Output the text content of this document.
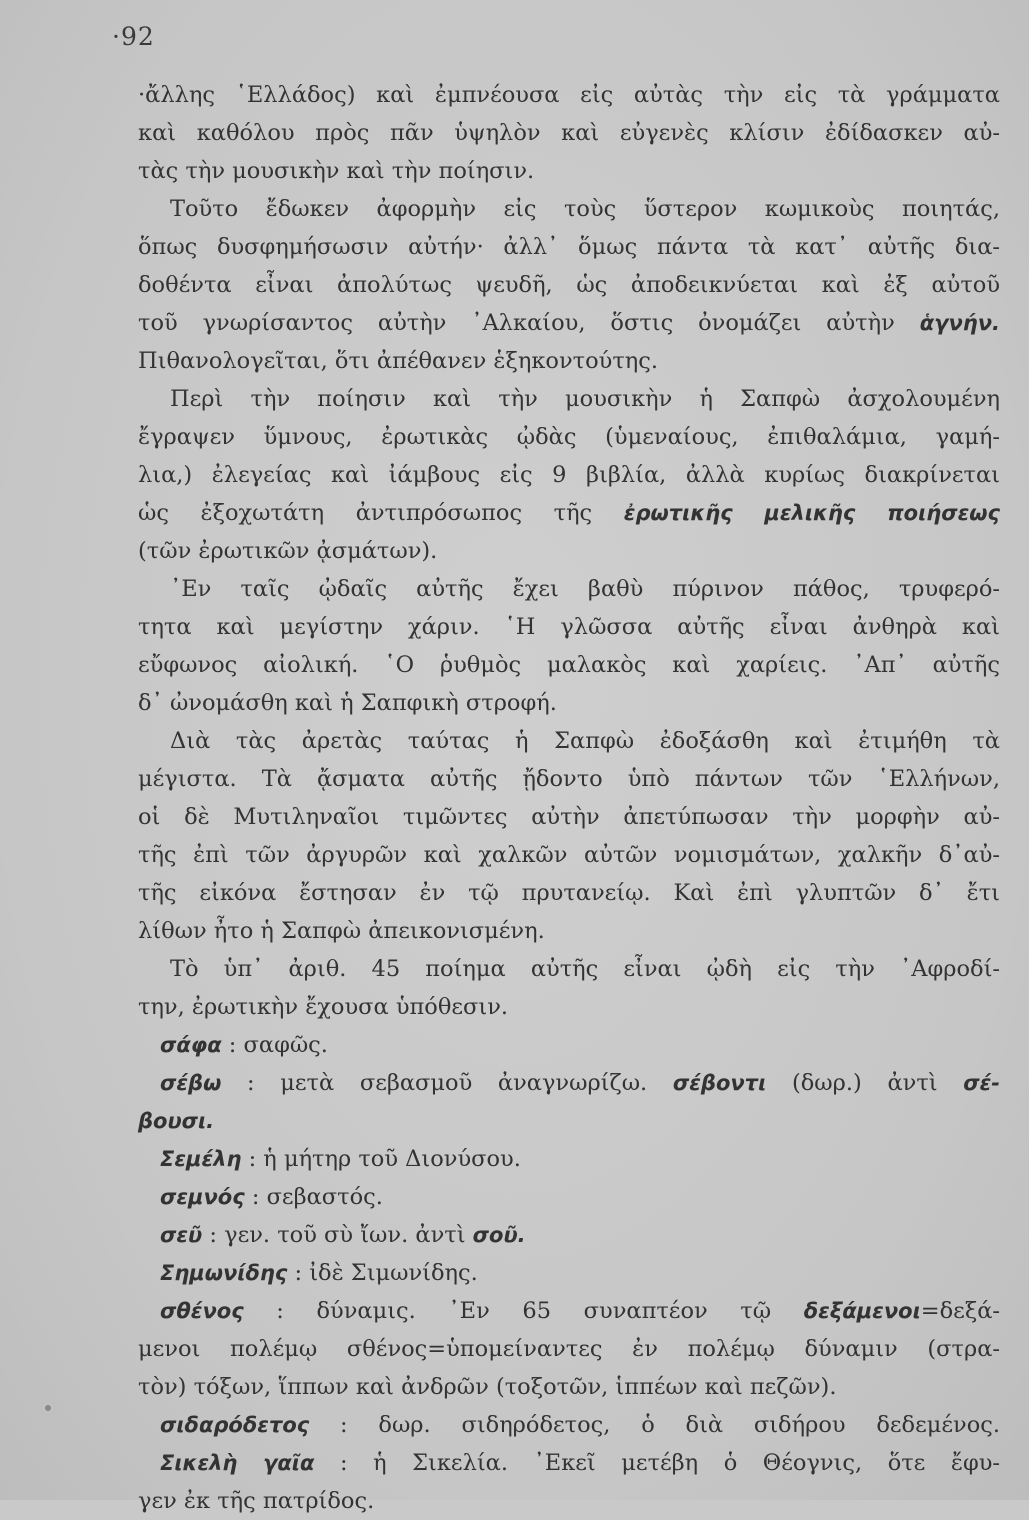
·92
·ἄλλης ῾Ελλάδος) καὶ ἐμπνέουσα εἰς αὐτὰς τὴν εἰς τὰ γράμματα
καὶ καθόλου πρὸς πᾶν ὑψηλὸν καὶ εὐγενὲς κλίσιν ἐδίδασκεν αὐ-
τὰς τὴν μουσικὴν καὶ τὴν ποίησιν.
Τοῦτο ἔδωκεν ἀφορμὴν εἰς τοὺς ὕστερον κωμικοὺς ποιητάς,
ὅπως δυσφημήσωσιν αὐτήν· ἀλλ᾽ ὅμως πάντα τὰ κατ᾽ αὐτῆς δια-
δοθέντα εἶναι ἀπολύτως ψευδῆ, ὡς ἀποδεικνύεται καὶ ἐξ αὐτοῦ
τοῦ γνωρίσαντος αὐτὴν ᾽Αλκαίου, ὅστις ὀνομάζει αὐτὴν ἁγνήν.
Πιθανολογεῖται, ὅτι ἀπέθανεν ἑξηκοντούτης.
Περὶ τὴν ποίησιν καὶ τὴν μουσικὴν ἡ Σαπφὼ ἀσχολουμένη
ἔγραψεν ὕμνους, ἐρωτικὰς ᾠδὰς (ὑμεναίους, ἐπιθαλάμια, γαμή-
λια,) ἐλεγείας καὶ ἰάμβους εἰς 9 βιβλία, ἀλλὰ κυρίως διακρίνεται
ὡς ἐξοχωτάτη ἀντιπρόσωπος τῆς ἐρωτικῆς μελικῆς ποιήσεως
(τῶν ἐρωτικῶν ᾀσμάτων).
᾽Εν ταῖς ᾠδαῖς αὐτῆς ἔχει βαθὺ πύρινον πάθος, τρυφερό-
τητα καὶ μεγίστην χάριν. ῾Η γλῶσσα αὐτῆς εἶναι ἀνθηρὰ καὶ
εὔφωνος αἰολική. ῾Ο ῥυθμὸς μαλακὸς καὶ χαρίεις. ᾽Απ᾽ αὐτῆς
δ᾽ ὠνομάσθη καὶ ἡ Σαπφικὴ στροφή.
Διὰ τὰς ἀρετὰς ταύτας ἡ Σαπφὼ ἐδοξάσθη καὶ ἐτιμήθη τὰ
μέγιστα. Τὰ ᾄσματα αὐτῆς ᾔδοντο ὑπὸ πάντων τῶν ῾Ελλήνων,
οἱ δὲ Μυτιληναῖοι τιμῶντες αὐτὴν ἀπετύπωσαν τὴν μορφὴν αὐ-
τῆς ἐπὶ τῶν ἀργυρῶν καὶ χαλκῶν αὐτῶν νομισμάτων, χαλκῆν δ᾽αὐ-
τῆς εἰκόνα ἔστησαν ἐν τῷ πρυτανείῳ. Καὶ ἐπὶ γλυπτῶν δ᾽ ἔτι
λίθων ἦτο ἡ Σαπφὼ ἀπεικονισμένη.
Τὸ ὑπ᾽ ἀριθ. 45 ποίημα αὐτῆς εἶναι ᾠδὴ εἰς τὴν ᾽Αφροδί-
την, ἐρωτικὴν ἔχουσα ὑπόθεσιν.
σάφα : σαφῶς.
σέβω : μετὰ σεβασμοῦ ἀναγνωρίζω. σέβοντι (δωρ.) ἀντὶ σέ-
βουσι.
Σεμέλη : ἡ μήτηρ τοῦ Διονύσου.
σεμνός : σεβαστός.
σεῦ : γεν. τοῦ σὺ ἴων. ἀντὶ σοῦ.
Σημωνίδης : ἰδὲ Σιμωνίδης.
σθένος : δύναμις. ᾽Εν 65 συναπτέον τῷ δεξάμενοι=δεξά-
μενοι πολέμῳ σθένος=ὑπομείναντες ἐν πολέμῳ δύναμιν (στρα-
τὸν) τόξων, ἵππων καὶ ἀνδρῶν (τοξοτῶν, ἱππέων καὶ πεζῶν).
σιδαρόδετος : δωρ. σιδηρόδετος, ὁ διὰ σιδήρου δεδεμένος.
Σικελὴ γαῖα : ἡ Σικελία. ᾽Εκεῖ μετέβη ὁ Θέογνις, ὅτε ἔφυ-
γεν ἐκ τῆς πατρίδος.
